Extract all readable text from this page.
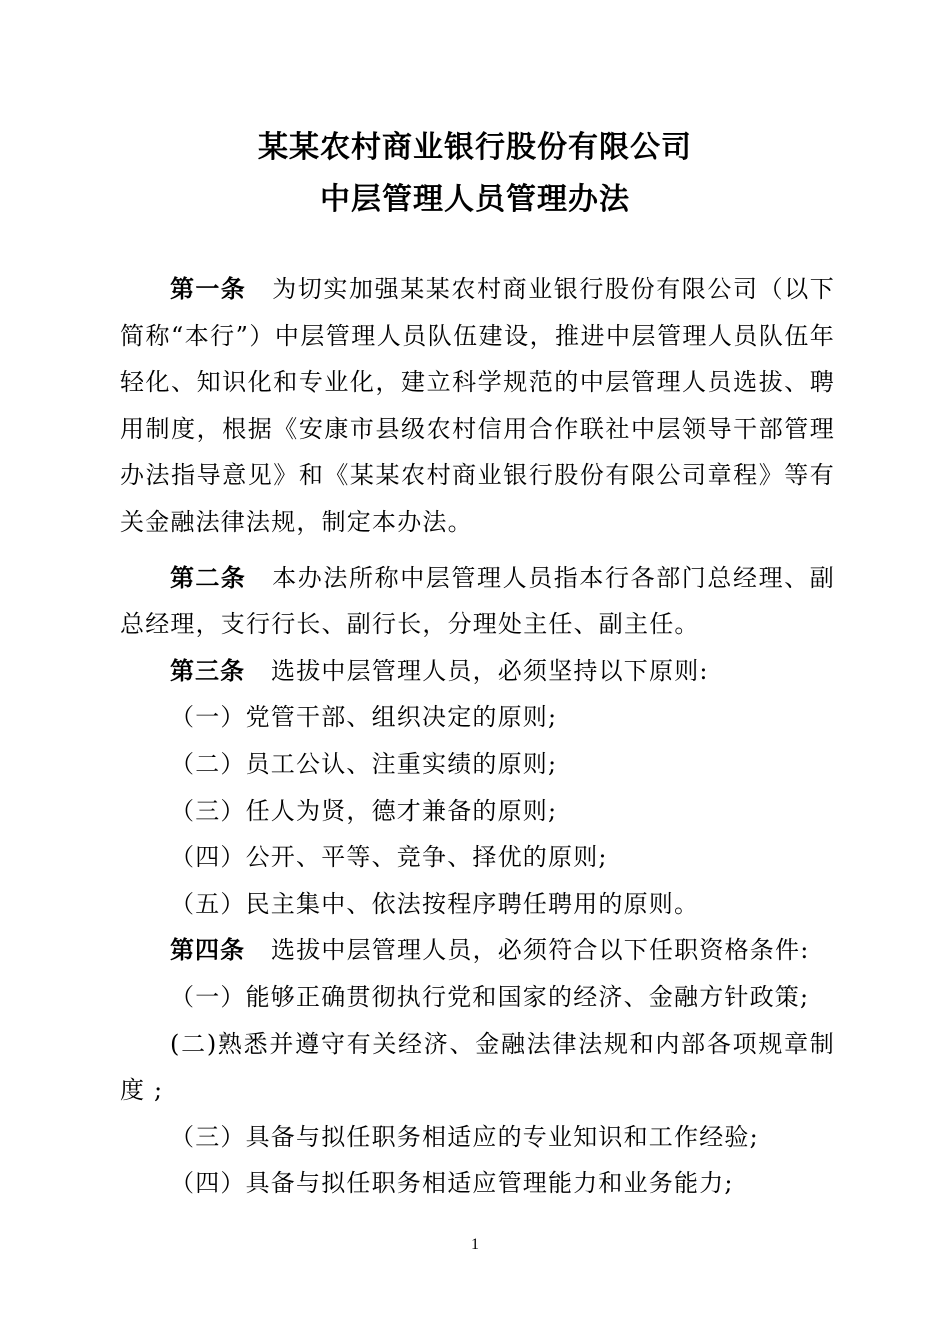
某某农村商业银行股份有限公司
中层管理人员管理办法

第一条 为切实加强某某农村商业银行股份有限公司（以下简称“本行”）中层管理人员队伍建设，推进中层管理人员队伍年轻化、知识化和专业化，建立科学规范的中层管理人员选拔、聘用制度，根据《安康市县级农村信用合作联社中层领导干部管理办法指导意见》和《某某农村商业银行股份有限公司章程》等有关金融法律法规，制定本办法。

第二条 本办法所称中层管理人员指本行各部门总经理、副总经理，支行行长、副行长，分理处主任、副主任。

第三条 选拔中层管理人员，必须坚持以下原则:

（一）党管干部、组织决定的原则;

（二）员工公认、注重实绩的原则;

（三）任人为贤，德才兼备的原则;

（四）公开、平等、竞争、择优的原则;

（五）民主集中、依法按程序聘任聘用的原则。

第四条 选拔中层管理人员，必须符合以下任职资格条件:

（一）能够正确贯彻执行党和国家的经济、金融方针政策;

(二)熟悉并遵守有关经济、金融法律法规和内部各项规章制度 ;

（三）具备与拟任职务相适应的专业知识和工作经验;

（四）具备与拟任职务相适应管理能力和业务能力;

1
